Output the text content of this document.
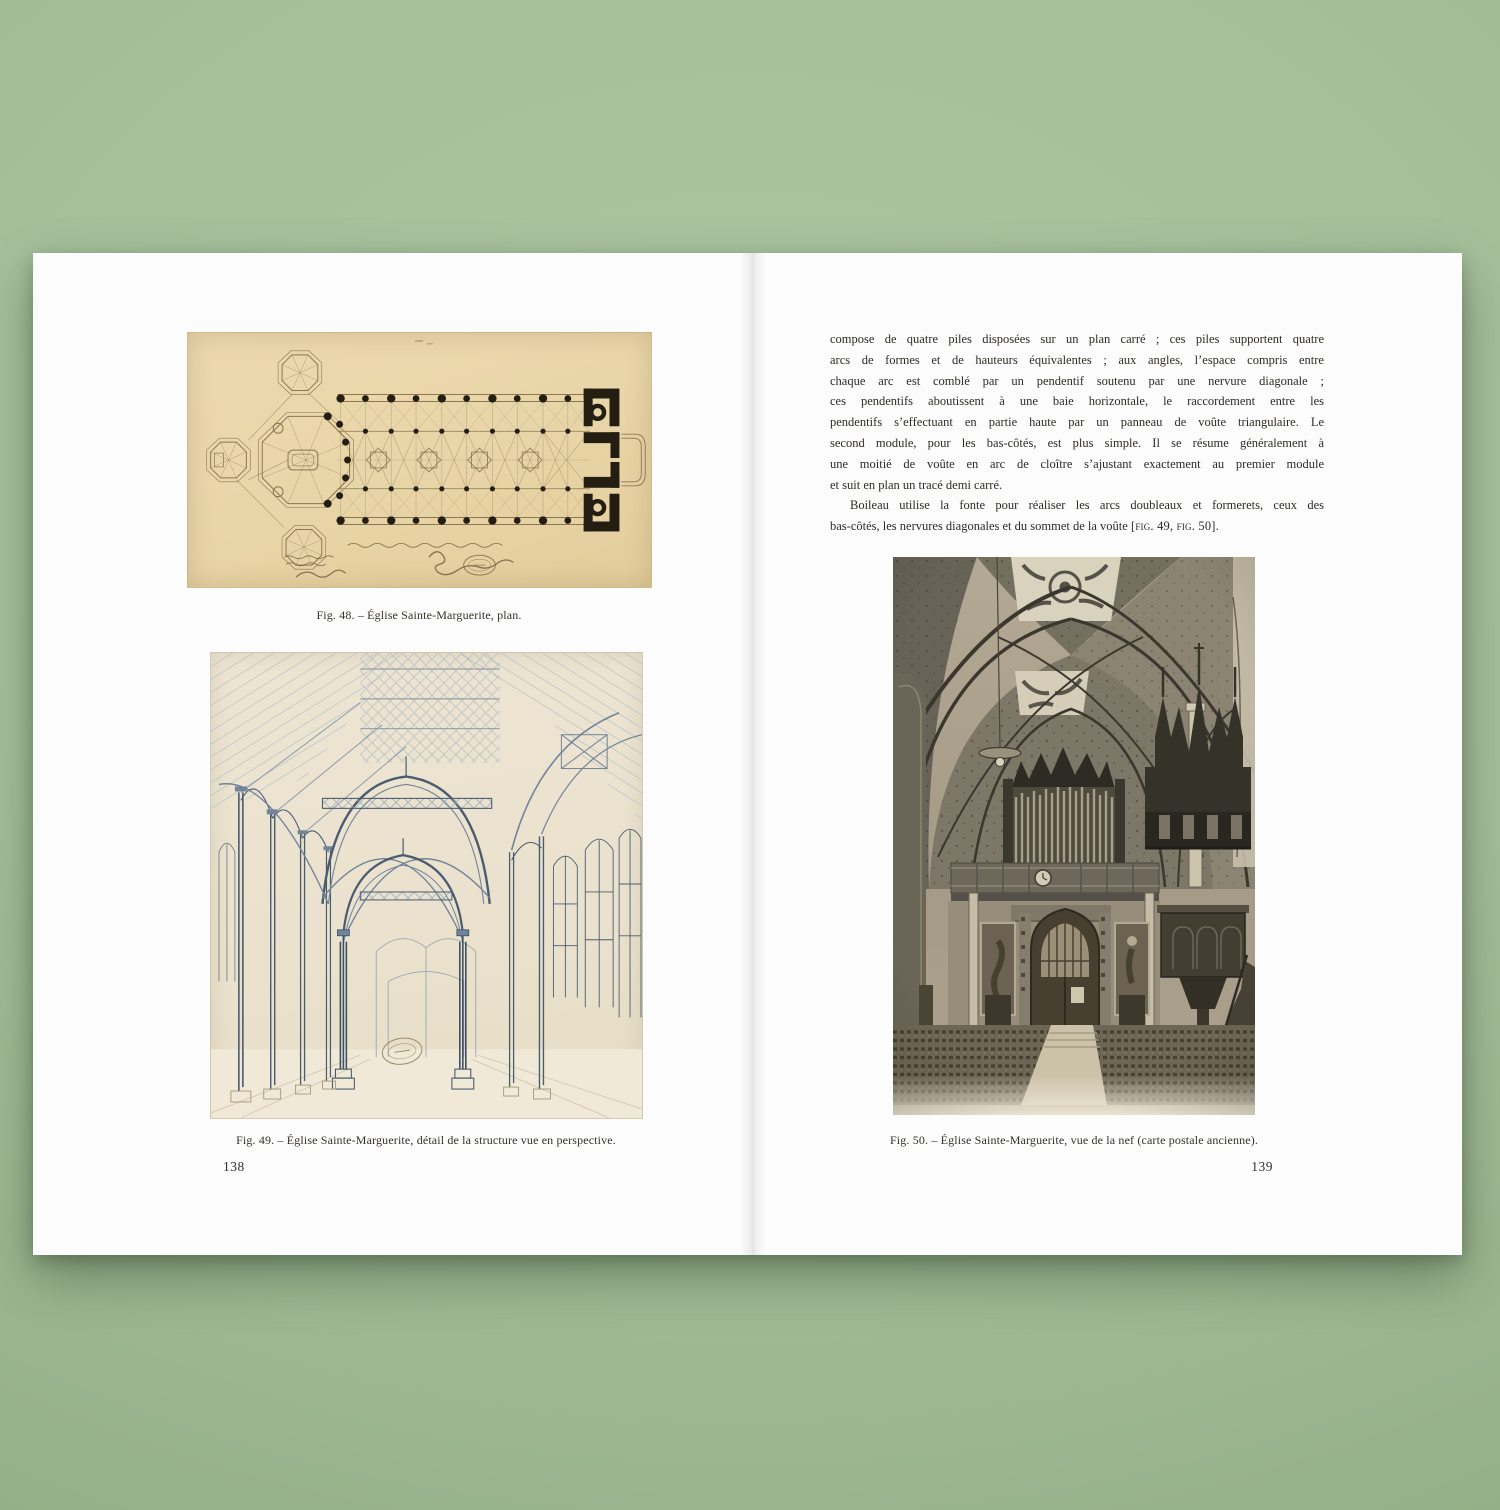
Fig. 48. – Église Sainte-Marguerite, plan.
Fig. 49. – Église Sainte-Marguerite, détail de la structure vue en perspective.
138
compose de quatre piles disposées sur un plan carré ; ces piles supportent quatre
arcs de formes et de hauteurs équivalentes ; aux angles, l’espace compris entre
chaque arc est comblé par un pendentif soutenu par une nervure diagonale ;
ces pendentifs aboutissent à une baie horizontale, le raccordement entre les
pendentifs s’effectuant en partie haute par un panneau de voûte triangulaire. Le
second module, pour les bas-côtés, est plus simple. Il se résume généralement à
une moitié de voûte en arc de cloître s’ajustant exactement au premier module
et suit en plan un tracé demi carré.
Boileau utilise la fonte pour réaliser les arcs doubleaux et formerets, ceux des
bas-côtés, les nervures diagonales et du sommet de la voûte [fig. 49, fig. 50].
Fig. 50. – Église Sainte-Marguerite, vue de la nef (carte postale ancienne).
139
